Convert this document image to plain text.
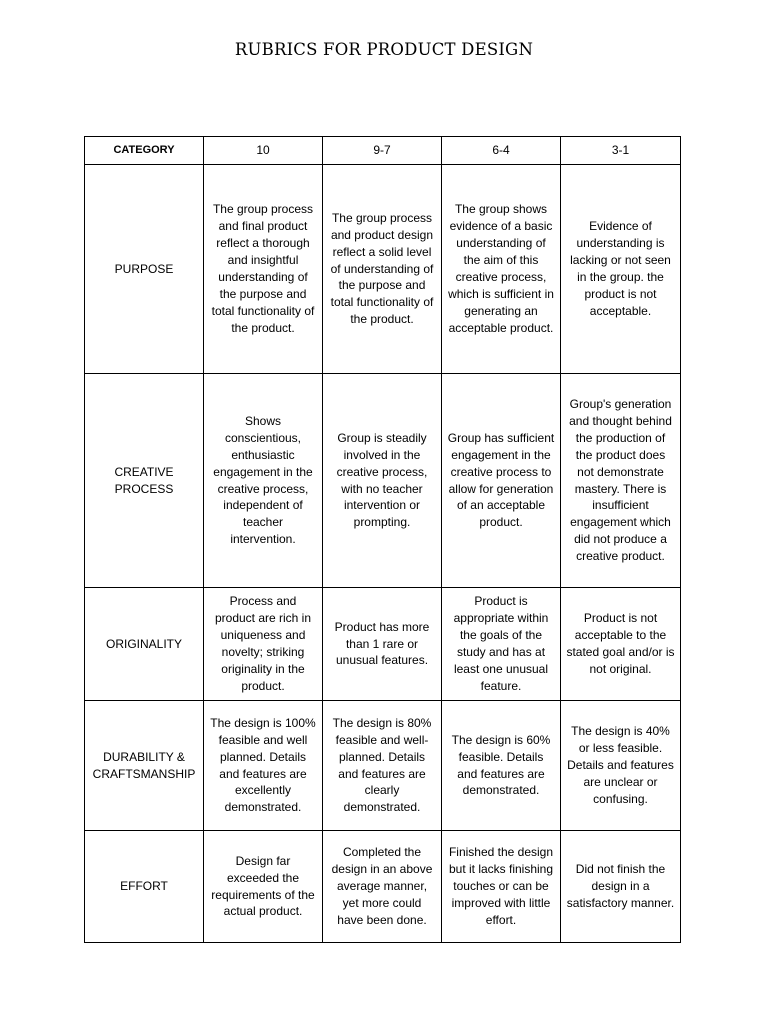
RUBRICS FOR PRODUCT DESIGN
CATEGORY	10	9-7	6-4	3-1
PURPOSE	The group process and final product reflect a thorough and insightful understanding of the purpose and total functionality of the product.	The group process and product design reflect a solid level of understanding of the purpose and total functionality of the product.	The group shows evidence of a basic understanding of the aim of this creative process, which is sufficient in generating an acceptable product.	Evidence of understanding is lacking or not seen in the group. the product is not acceptable.
CREATIVE PROCESS	Shows conscientious, enthusiastic engagement in the creative process, independent of teacher intervention.	Group is steadily involved in the creative process, with no teacher intervention or prompting.	Group has sufficient engagement in the creative process to allow for generation of an acceptable product.	Group's generation and thought behind the production of the product does not demonstrate mastery. There is insufficient engagement which did not produce a creative product.
ORIGINALITY	Process and product are rich in uniqueness and novelty; striking originality in the product.	Product has more than 1 rare or unusual features.	Product is appropriate within the goals of the study and has at least one unusual feature.	Product is not acceptable to the stated goal and/or is not original.
DURABILITY & CRAFTSMANSHIP	The design is 100% feasible and well planned. Details and features are excellently demonstrated.	The design is 80% feasible and well-planned. Details and features are clearly demonstrated.	The design is 60% feasible. Details and features are demonstrated.	The design is 40% or less feasible. Details and features are unclear or confusing.
EFFORT	Design far exceeded the requirements of the actual product.	Completed the design in an above average manner, yet more could have been done.	Finished the design but it lacks finishing touches or can be improved with little effort.	Did not finish the design in a satisfactory manner.
